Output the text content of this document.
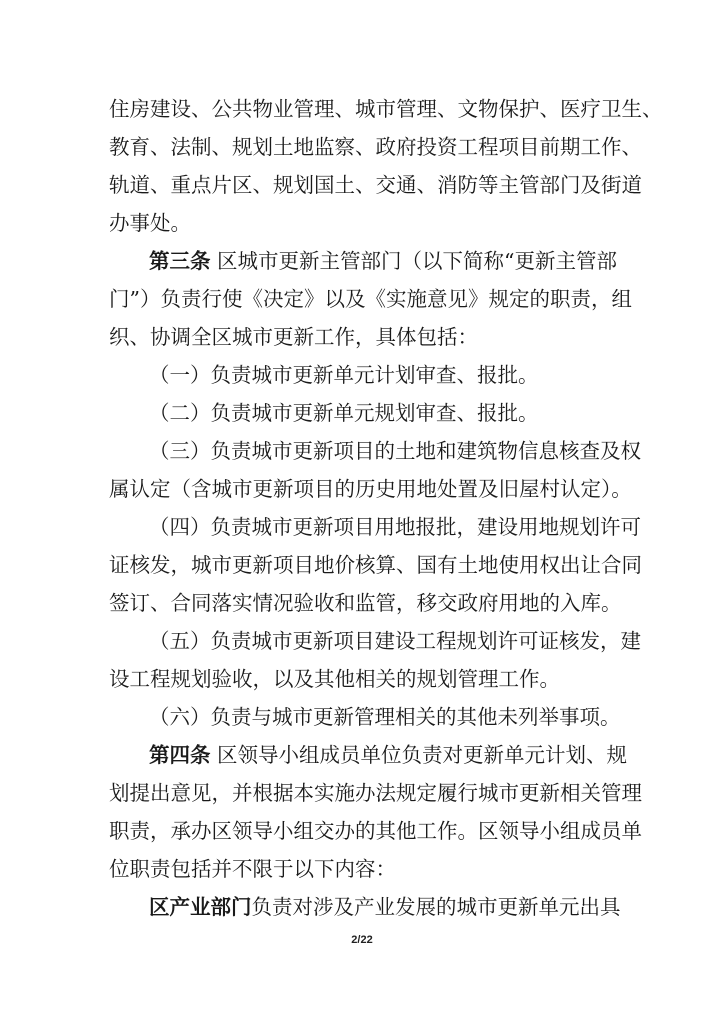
住房建设、公共物业管理、城市管理、文物保护、医疗卫生、
教育、法制、规划土地监察、政府投资工程项目前期工作、
轨道、重点片区、规划国土、交通、消防等主管部门及街道
办事处。
第三条 区城市更新主管部门（以下简称“更新主管部
门”）负责行使《决定》以及《实施意见》规定的职责，组
织、协调全区城市更新工作，具体包括：
（一）负责城市更新单元计划审查、报批。
（二）负责城市更新单元规划审查、报批。
（三）负责城市更新项目的土地和建筑物信息核查及权
属认定（含城市更新项目的历史用地处置及旧屋村认定）。
（四）负责城市更新项目用地报批，建设用地规划许可
证核发，城市更新项目地价核算、国有土地使用权出让合同
签订、合同落实情况验收和监管，移交政府用地的入库。
（五）负责城市更新项目建设工程规划许可证核发，建
设工程规划验收，以及其他相关的规划管理工作。
（六）负责与城市更新管理相关的其他未列举事项。
第四条 区领导小组成员单位负责对更新单元计划、规
划提出意见，并根据本实施办法规定履行城市更新相关管理
职责，承办区领导小组交办的其他工作。区领导小组成员单
位职责包括并不限于以下内容：
区产业部门负责对涉及产业发展的城市更新单元出具
2/22
